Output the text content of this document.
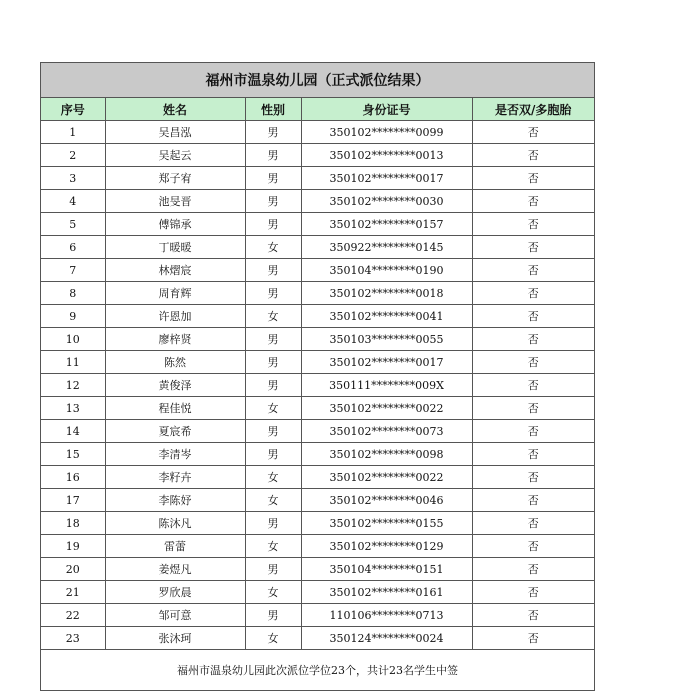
福州市温泉幼儿园（正式派位结果）
序号	姓名	性别	身份证号	是否双/多胞胎
1	吴昌泓	男	350102********0099	否
2	吴起云	男	350102********0013	否
3	郑子宥	男	350102********0017	否
4	池旻晋	男	350102********0030	否
5	傅锦承	男	350102********0157	否
6	丁暖暖	女	350922********0145	否
7	林熠宸	男	350104********0190	否
8	周育辉	男	350102********0018	否
9	许恩加	女	350102********0041	否
10	廖梓贤	男	350103********0055	否
11	陈然	男	350102********0017	否
12	黄俊泽	男	350111********009X	否
13	程佳悦	女	350102********0022	否
14	夏宸希	男	350102********0073	否
15	李清岑	男	350102********0098	否
16	李籽卉	女	350102********0022	否
17	李陈妤	女	350102********0046	否
18	陈沐凡	男	350102********0155	否
19	雷蕾	女	350102********0129	否
20	姜煜凡	男	350104********0151	否
21	罗欣晨	女	350102********0161	否
22	邹可意	男	110106********0713	否
23	张沐珂	女	350124********0024	否
福州市温泉幼儿园此次派位学位23个，共计23名学生中签
